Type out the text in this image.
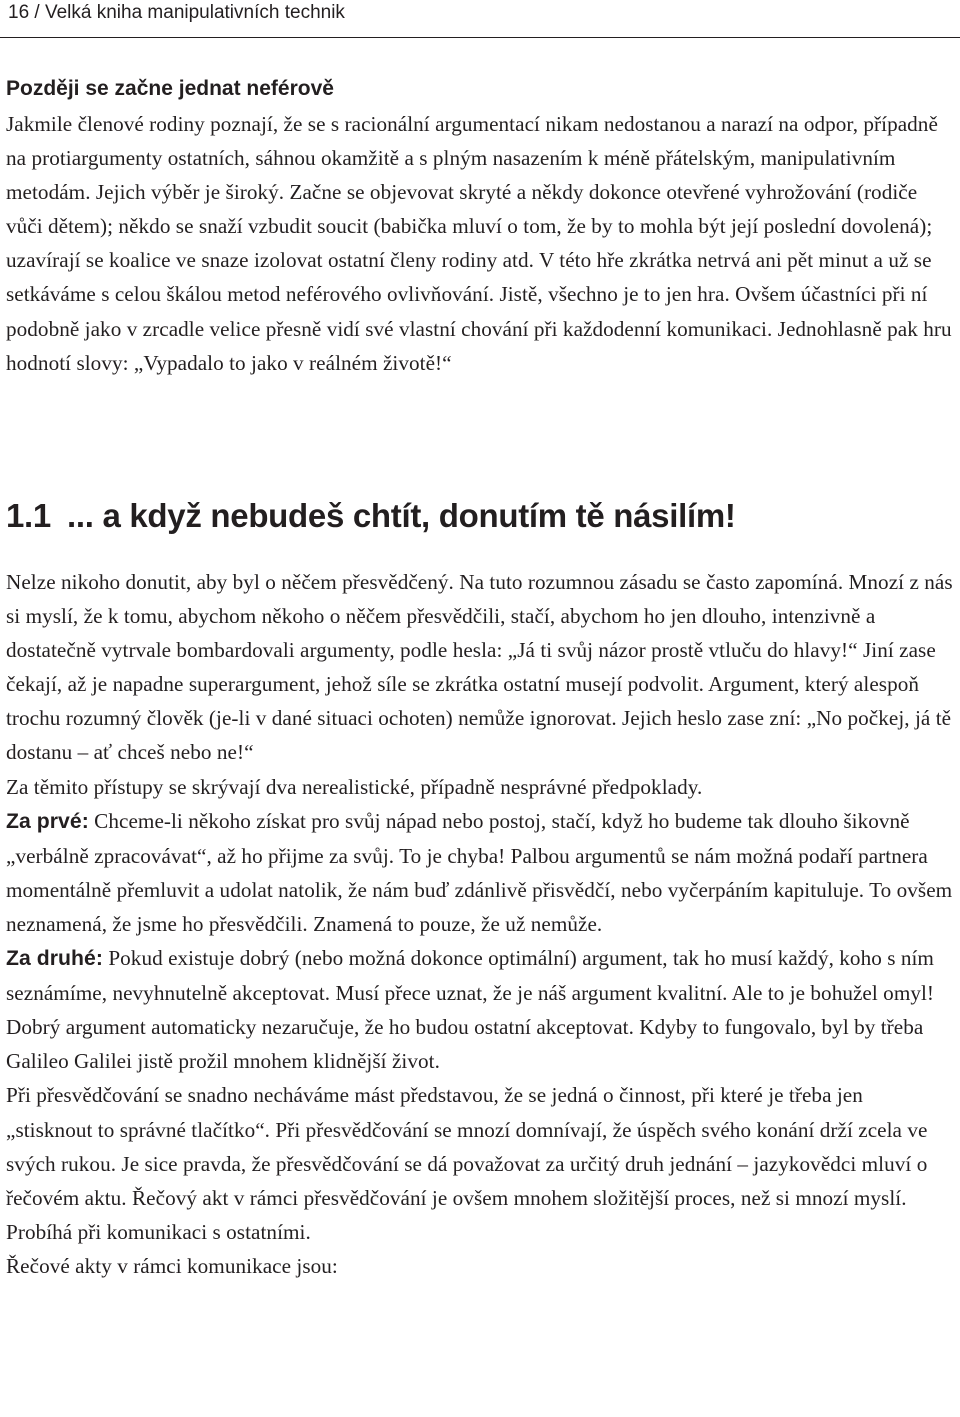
16 / Velká kniha manipulativních technik
Později se začne jednat neférově

Jakmile členové rodiny poznají, že se s racionální argumentací nikam nedostanou a narazí na odpor, případně na protiargumenty ostatních, sáhnou okamžitě a s plným nasazením k méně přátelským, manipulativním metodám. Jejich výběr je široký. Začne se objevovat skryté a někdy dokonce otevřené vyhrožování (rodiče vůči dětem); někdo se snaží vzbudit soucit (babička mluví o tom, že by to mohla být její poslední dovolená); uzavírají se koalice ve snaze izolovat ostatní členy rodiny atd. V této hře zkrátka netrvá ani pět minut a už se setkáváme s celou škálou metod neférového ovlivňování. Jistě, všechno je to jen hra. Ovšem účastníci při ní podobně jako v zrcadle velice přesně vidí své vlastní chování při každodenní komunikaci. Jednohlasně pak hru hodnotí slovy: „Vypadalo to jako v reálném životě!“

1.1 ... a když nebudeš chtít, donutím tě násilím!

Nelze nikoho donutit, aby byl o něčem přesvědčený. Na tuto rozumnou zásadu se často zapomíná. Mnozí z nás si myslí, že k tomu, abychom někoho o něčem přesvědčili, stačí, abychom ho jen dlouho, intenzivně a dostatečně vytrvale bombardovali argumenty, podle hesla: „Já ti svůj názor prostě vtluču do hlavy!“ Jiní zase čekají, až je napadne superargument, jehož síle se zkrátka ostatní musejí podvolit. Argument, který alespoň trochu rozumný člověk (je-li v dané situaci ochoten) nemůže ignorovat. Jejich heslo zase zní: „No počkej, já tě dostanu – ať chceš nebo ne!“

Za těmito přístupy se skrývají dva nerealistické, případně nesprávné předpoklady.

Za prvé: Chceme-li někoho získat pro svůj nápad nebo postoj, stačí, když ho budeme tak dlouho šikovně „verbálně zpracovávat“, až ho přijme za svůj. To je chyba! Palbou argumentů se nám možná podaří partnera momentálně přemluvit a udolat natolik, že nám buď zdánlivě přisvědčí, nebo vyčerpáním kapituluje. To ovšem neznamená, že jsme ho přesvědčili. Znamená to pouze, že už nemůže.

Za druhé: Pokud existuje dobrý (nebo možná dokonce optimální) argument, tak ho musí každý, koho s ním seznámíme, nevyhnutelně akceptovat. Musí přece uznat, že je náš argument kvalitní. Ale to je bohužel omyl! Dobrý argument automaticky nezaručuje, že ho budou ostatní akceptovat. Kdyby to fungovalo, byl by třeba Galileo Galilei jistě prožil mnohem klidnější život.

Při přesvědčování se snadno necháváme mást představou, že se jedná o činnost, při které je třeba jen „stisknout to správné tlačítko“. Při přesvědčování se mnozí domnívají, že úspěch svého konání drží zcela ve svých rukou. Je sice pravda, že přesvědčování se dá považovat za určitý druh jednání – jazykovědci mluví o řečovém aktu. Řečový akt v rámci přesvědčování je ovšem mnohem složitější proces, než si mnozí myslí. Probíhá při komunikaci s ostatními.

Řečové akty v rámci komunikace jsou:
